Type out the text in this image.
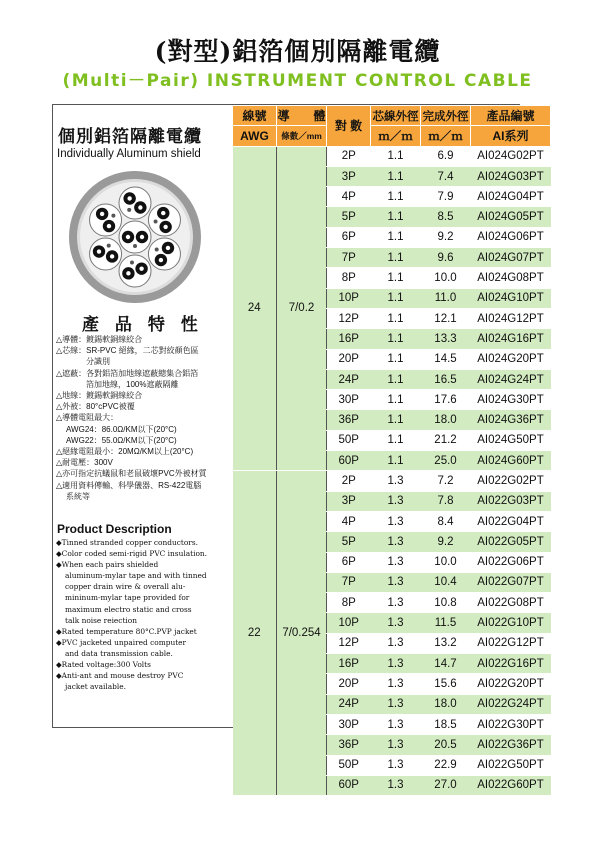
(對型)鋁箔個別隔離電纜
(Multi－Pair) INSTRUMENT CONTROL CABLE
個別鋁箔隔離電纜
Individually Aluminum shield
產 品 特 性
△導體：鍍錫軟銅線絞合
△芯線：SR-PVC 絕緣，二芯對絞顏色區
分識別
△遮蔽：各對鋁箔加地線遮蔽總集合鋁箔
箔加地線，100%遮蔽隔離
△地線：鍍錫軟銅線絞合
△外被：80°cPVC被覆
△導體電阻最大：
AWG24：86.0Ω/KM以下(20°C)
AWG22：55.0Ω/KM以下(20°C)
△絕緣電阻最小：20MΩ/KM以上(20°C)
△耐電壓：300V
△亦可指定抗蟻鼠和老鼠破壞PVC外被材質
△適用資料傳輸、科學儀器、RS-422電腦
系統等
Product Description
◆Tinned stranded copper conductors.
◆Color coded semi-rigid PVC insulation.
◆When each pairs shielded
aluminum-mylar tape and with tinned
copper drain wire & overall alu-
mininum-mylar tape provided for
maximum electro static and cross
talk noise reiection
◆Rated temperature 80°C.PVP jacket
◆PVC jacketed unpaired computer
and data transmission cable.
◆Rated voltage:300 Volts
◆Anti-ant and mouse destroy PVC
jacket available.
線號	導　　體	對 數	芯線外徑	完成外徑	產品編號
AWG	條數／mm		ｍ／ｍ	ｍ／ｍ	AI系列
24	7/0.2	2P	1.1	6.9	AI024G02PT
		3P	1.1	7.4	AI024G03PT
		4P	1.1	7.9	AI024G04PT
		5P	1.1	8.5	AI024G05PT
		6P	1.1	9.2	AI024G06PT
		7P	1.1	9.6	AI024G07PT
		8P	1.1	10.0	AI024G08PT
		10P	1.1	11.0	AI024G10PT
		12P	1.1	12.1	AI024G12PT
		16P	1.1	13.3	AI024G16PT
		20P	1.1	14.5	AI024G20PT
		24P	1.1	16.5	AI024G24PT
		30P	1.1	17.6	AI024G30PT
		36P	1.1	18.0	AI024G36PT
		50P	1.1	21.2	AI024G50PT
		60P	1.1	25.0	AI024G60PT
22	7/0.254	2P	1.3	7.2	AI022G02PT
		3P	1.3	7.8	AI022G03PT
		4P	1.3	8.4	AI022G04PT
		5P	1.3	9.2	AI022G05PT
		6P	1.3	10.0	AI022G06PT
		7P	1.3	10.4	AI022G07PT
		8P	1.3	10.8	AI022G08PT
		10P	1.3	11.5	AI022G10PT
		12P	1.3	13.2	AI022G12PT
		16P	1.3	14.7	AI022G16PT
		20P	1.3	15.6	AI022G20PT
		24P	1.3	18.0	AI022G24PT
		30P	1.3	18.5	AI022G30PT
		36P	1.3	20.5	AI022G36PT
		50P	1.3	22.9	AI022G50PT
		60P	1.3	27.0	AI022G60PT
